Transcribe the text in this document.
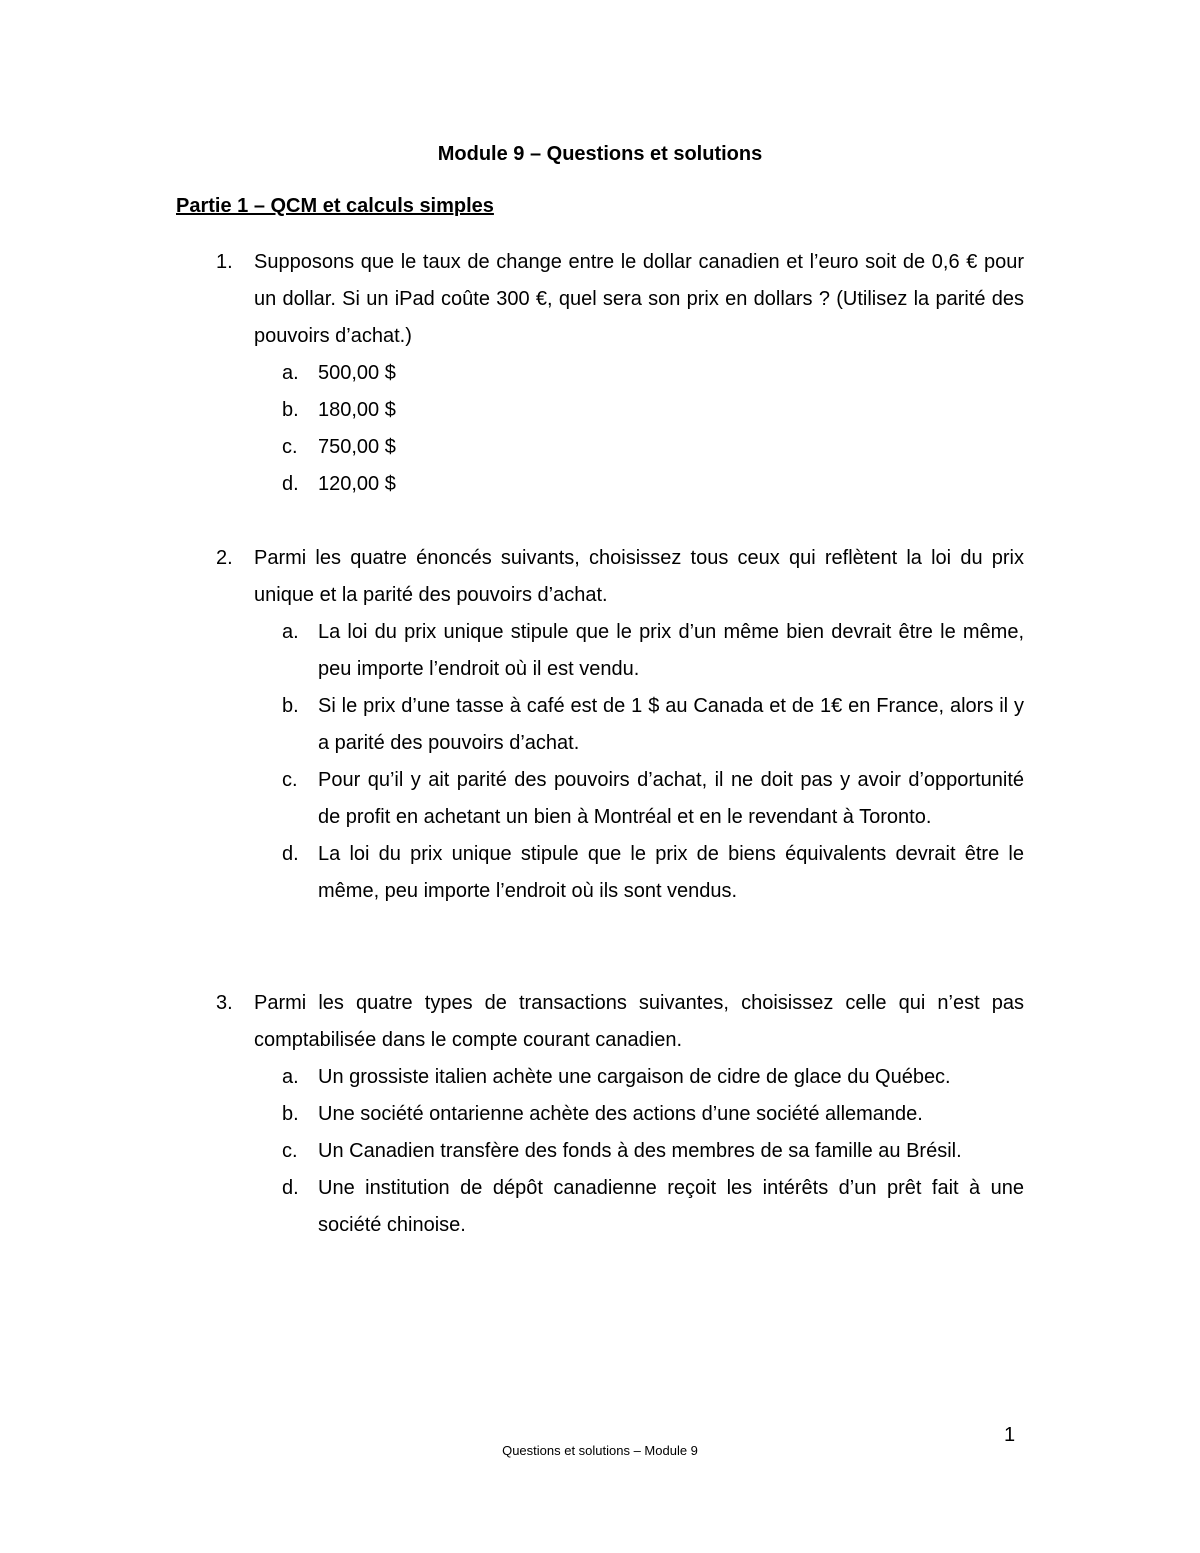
Module 9 – Questions et solutions
Partie 1 – QCM et calculs simples
1. Supposons que le taux de change entre le dollar canadien et l’euro soit de 0,6 € pour un dollar. Si un iPad coûte 300 €, quel sera son prix en dollars ? (Utilisez la parité des pouvoirs d’achat.)

a. 500,00 $
b. 180,00 $
c. 750,00 $
d. 120,00 $
2. Parmi les quatre énoncés suivants, choisissez tous ceux qui reflètent la loi du prix unique et la parité des pouvoirs d’achat.

a. La loi du prix unique stipule que le prix d’un même bien devrait être le même, peu importe l’endroit où il est vendu.
b. Si le prix d’une tasse à café est de 1 $ au Canada et de 1€ en France, alors il y a parité des pouvoirs d’achat.
c. Pour qu’il y ait parité des pouvoirs d’achat, il ne doit pas y avoir d’opportunité de profit en achetant un bien à Montréal et en le revendant à Toronto.
d. La loi du prix unique stipule que le prix de biens équivalents devrait être le même, peu importe l’endroit où ils sont vendus.
3. Parmi les quatre types de transactions suivantes, choisissez celle qui n’est pas comptabilisée dans le compte courant canadien.

a. Un grossiste italien achète une cargaison de cidre de glace du Québec.
b. Une société ontarienne achète des actions d’une société allemande.
c. Un Canadien transfère des fonds à des membres de sa famille au Brésil.
d. Une institution de dépôt canadienne reçoit les intérêts d’un prêt fait à une société chinoise.
1
Questions et solutions – Module 9
